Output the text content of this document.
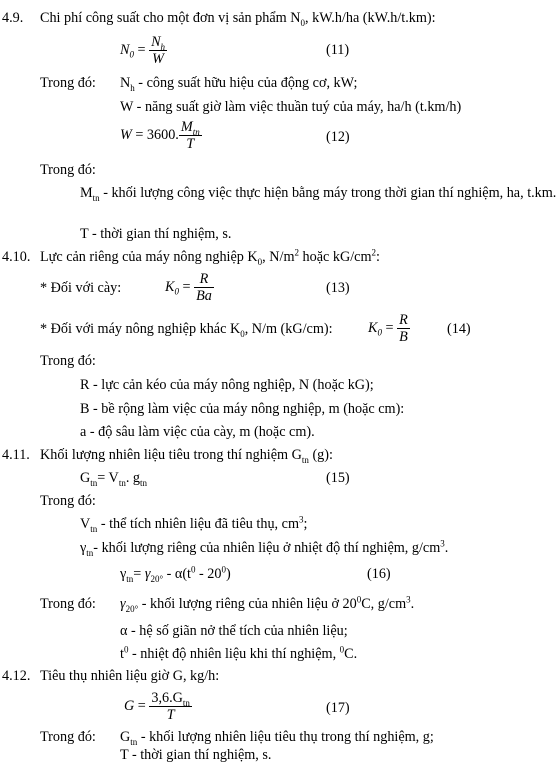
4.9. Chi phí công suất cho một đơn vị sản phẩm $N_0$, kW.h/ha (kW.h/t.km):
$N_0 = \frac{N_h}{W}$	(11)
Trong đó: $N_h$ - công suất hữu hiệu của động cơ, kW;
W - năng suất giờ làm việc thuần tuý của máy, ha/h (t.km/h)
W = 3600. $\frac{M_{tn}}{T}$	(12)
Trong đó:
$M_{tn}$ - khối lượng công việc thực hiện bằng máy trong thời gian thí nghiệm, ha, t.km.
T - thời gian thí nghiệm, s.
4.10. Lực cản riêng của máy nông nghiệp $K_0$, $N/m^2$ hoặc $kG/cm^2$:
* Đối với cày:	$K_0 = \frac{R}{Ba}$	(13)
* Đối với máy nông nghiệp khác $K_0$, N/m (kG/cm): $K_0 = \frac{R}{B}$	(14)
Trong đó:
R - lực cản kéo của máy nông nghiệp, N (hoặc kG);
B - bề rộng làm việc của máy nông nghiệp, m (hoặc cm):
a - độ sâu làm việc của cày, m (hoặc cm).
4.11. Khối lượng nhiên liệu tiêu trong thí nghiệm $G_{tn}$ (g):
$G_{tn}= V_{tn}$. $g_{tn}$	(15)
Trong đó:
$V_{tn}$ - thể tích nhiên liệu đã tiêu thụ, $cm^3$;
$\gamma_{tn}-$ khối lượng riêng của nhiên liệu ở nhiệt độ thí nghiệm, $g/cm^3$.
$\gamma_{tn}= \gamma_{20^\circ} - \alpha(t^0 - 20^0)$	(16)
Trong đó: $\gamma_{20^\circ}$ - khối lượng riêng của nhiên liệu ở $20^0C$, $g/cm^3$.
α - hệ số giãn nở thể tích của nhiên liệu;
$t^0$ - nhiệt độ nhiên liệu khi thí nghiệm, $^0$C.
4.12. Tiêu thụ nhiên liệu giờ G, kg/h:
$G = \frac{3,6.G_{tn}}{T}$	(17)
Trong đó: $G_{tn}$ - khối lượng nhiên liệu tiêu thụ trong thí nghiệm, g;
T - thời gian thí nghiệm, s.
